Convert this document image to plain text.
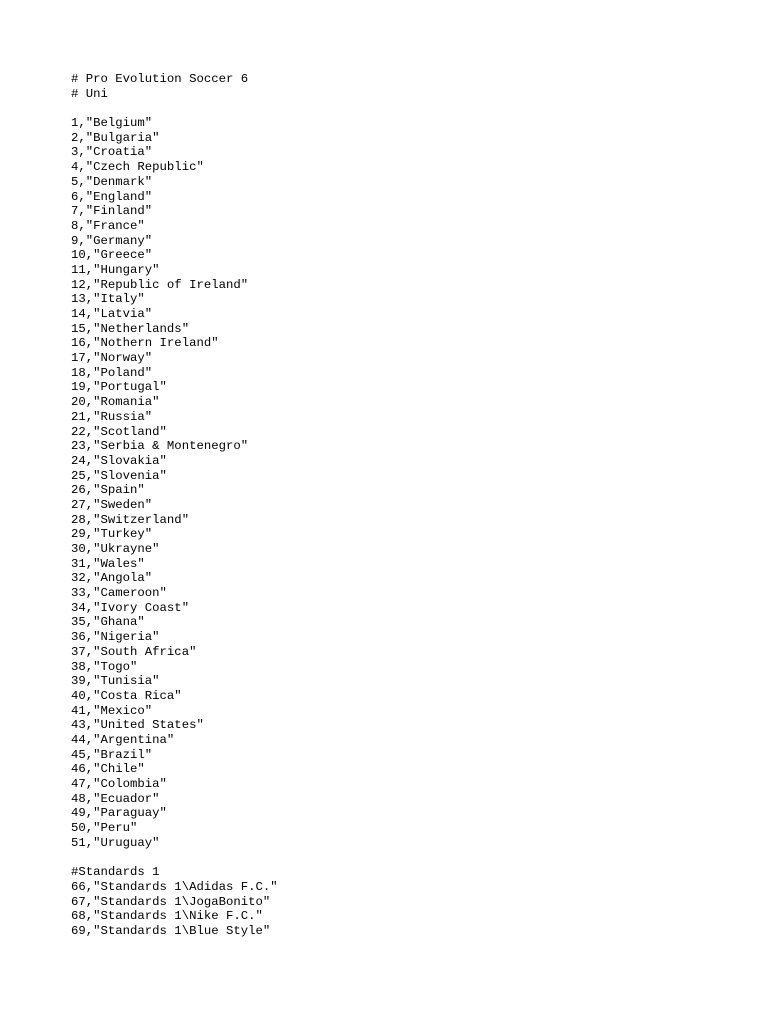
# Pro Evolution Soccer 6
# Uni
1,"Belgium"
2,"Bulgaria"
3,"Croatia"
4,"Czech Republic"
5,"Denmark"
6,"England"
7,"Finland"
8,"France"
9,"Germany"
10,"Greece"
11,"Hungary"
12,"Republic of Ireland"
13,"Italy"
14,"Latvia"
15,"Netherlands"
16,"Nothern Ireland"
17,"Norway"
18,"Poland"
19,"Portugal"
20,"Romania"
21,"Russia"
22,"Scotland"
23,"Serbia & Montenegro"
24,"Slovakia"
25,"Slovenia"
26,"Spain"
27,"Sweden"
28,"Switzerland"
29,"Turkey"
30,"Ukrayne"
31,"Wales"
32,"Angola"
33,"Cameroon"
34,"Ivory Coast"
35,"Ghana"
36,"Nigeria"
37,"South Africa"
38,"Togo"
39,"Tunisia"
40,"Costa Rica"
41,"Mexico"
43,"United States"
44,"Argentina"
45,"Brazil"
46,"Chile"
47,"Colombia"
48,"Ecuador"
49,"Paraguay"
50,"Peru"
51,"Uruguay"
#Standards 1
66,"Standards 1\Adidas F.C."
67,"Standards 1\JogaBonito"
68,"Standards 1\Nike F.C."
69,"Standards 1\Blue Style"
